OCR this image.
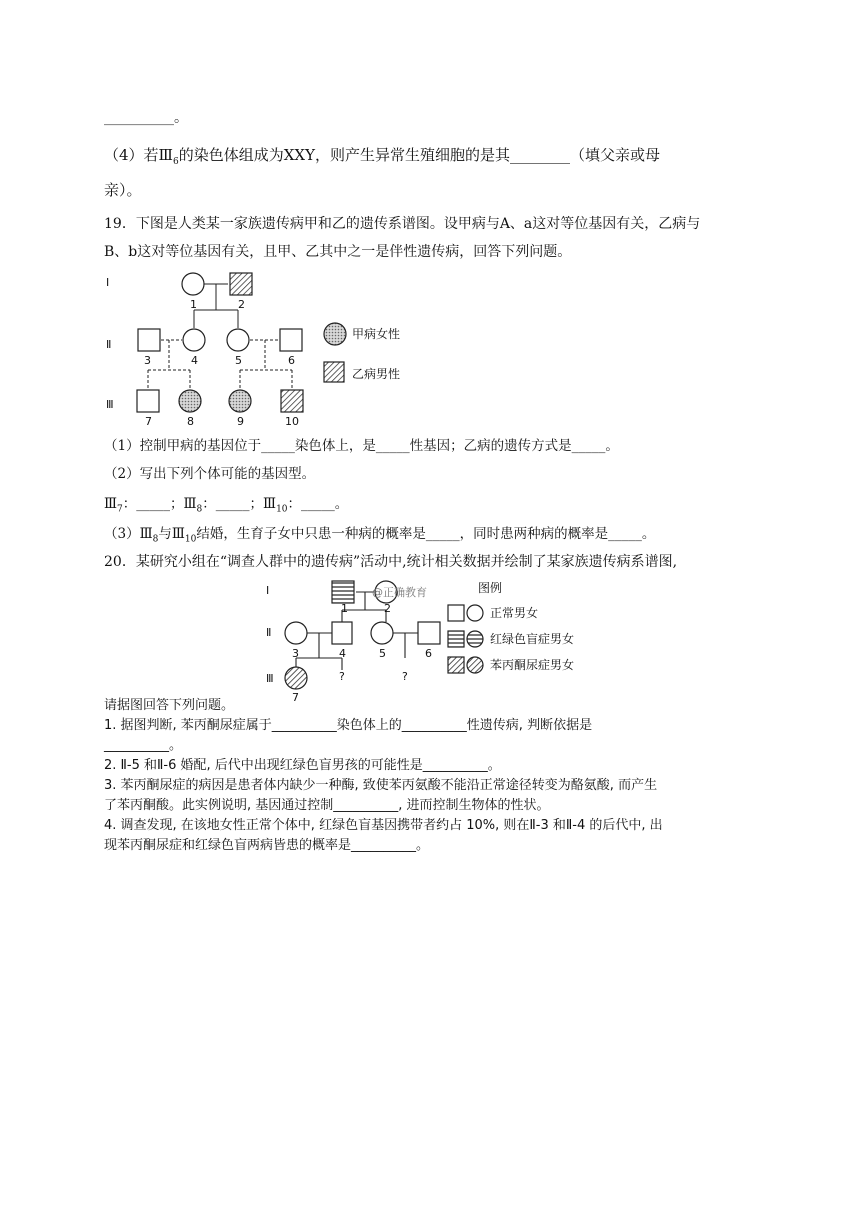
__________。
（4）若$Ⅲ_6$的染色体组成为XXY，则产生异常生殖细胞的是其________（填父亲或母
亲）。
19．下图是人类某一家族遗传病甲和乙的遗传系谱图。设甲病与A、a这对等位基因有关，乙病与
B、b这对等位基因有关，且甲、乙其中之一是伴性遗传病，回答下列问题。
Ⅰ
Ⅱ
Ⅲ
1	2
3	4	5	6
7	8	9	10
甲病女性
乙病男性
（1）控制甲病的基因位于_____染色体上，是_____性基因；乙病的遗传方式是_____。
（2）写出下列个体可能的基因型。
$Ⅲ_7$：_____；$Ⅲ_8$：_____；$Ⅲ_{10}$：_____。
$(3)Ⅲ_8$与$Ⅲ_{10}$结婚，生育子女中只患一种病的概率是_____，同时患两种病的概率是_____。
20．某研究小组在“调查人群中的遗传病”活动中,统计相关数据并绘制了某家族遗传病系谱图,
Ⅰ
Ⅱ
Ⅲ
1	2
3	4	5	6
7
?	?
@正确教育	图例
正常男女
红绿色盲症男女
苯丙酮尿症男女
请据图回答下列问题。
1. 据图判断, 苯丙酮尿症属于__________染色体上的__________性遗传病, 判断依据是
__________。
2. Ⅱ-5 和Ⅱ-6 婚配, 后代中出现红绿色盲男孩的可能性是__________。
3. 苯丙酮尿症的病因是患者体内缺少一种酶, 致使苯丙氨酸不能沿正常途径转变为酪氨酸, 而产生
了苯丙酮酸。此实例说明, 基因通过控制__________, 进而控制生物体的性状。
4. 调查发现, 在该地女性正常个体中, 红绿色盲基因携带者约占 10%, 则在Ⅱ-3 和Ⅱ-4 的后代中, 出
现苯丙酮尿症和红绿色盲两病皆患的概率是__________。
